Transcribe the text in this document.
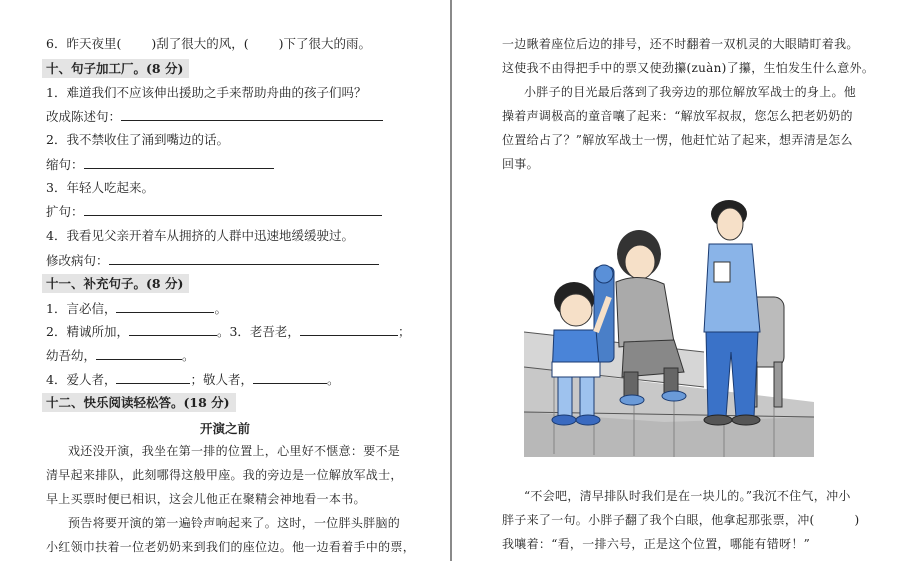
6．昨天夜里( )刮了很大的风，( )下了很大的雨。
十、句子加工厂。(8 分)
1．难道我们不应该伸出援助之手来帮助舟曲的孩子们吗？
改成陈述句：
2．我不禁收住了涌到嘴边的话。
缩句：
3．年轻人吃起来。
扩句：
4．我看见父亲开着车从拥挤的人群中迅速地缓缓驶过。
修改病句：
十一、补充句子。(8 分)
1．言必信，	。
2．精诚所加，	。3．老吾老，	；
幼吾幼，	。
4．爱人者，	；敬人者，	。
十二、快乐阅读轻松答。(18 分)
开演之前
戏还没开演，我坐在第一排的位置上，心里好不惬意：要不是
清早起来排队，此刻哪得这般甲座。我的旁边是一位解放军战士，
早上买票时便已相识，这会儿他正在聚精会神地看一本书。
预告将要开演的第一遍铃声响起来了。这时，一位胖头胖脑的
小红领巾扶着一位老奶奶来到我们的座位边。他一边看着手中的票，
一边瞅着座位后边的排号，还不时翻着一双机灵的大眼睛盯着我。
这使我不由得把手中的票又使劲攥(zuàn)了攥，生怕发生什么意外。
小胖子的目光最后落到了我旁边的那位解放军战士的身上。他
操着声调极高的童音嚷了起来：“解放军叔叔，您怎么把老奶奶的
位置给占了？”解放军战士一愣，他赶忙站了起来，想弄清是怎么
回事。
“不会吧，清早排队时我们是在一块儿的。”我沉不住气，冲小
胖子来了一句。小胖子翻了我个白眼，他拿起那张票，冲(	)
我嚷着：“看，一排六号，正是这个位置，哪能有错呀！”
